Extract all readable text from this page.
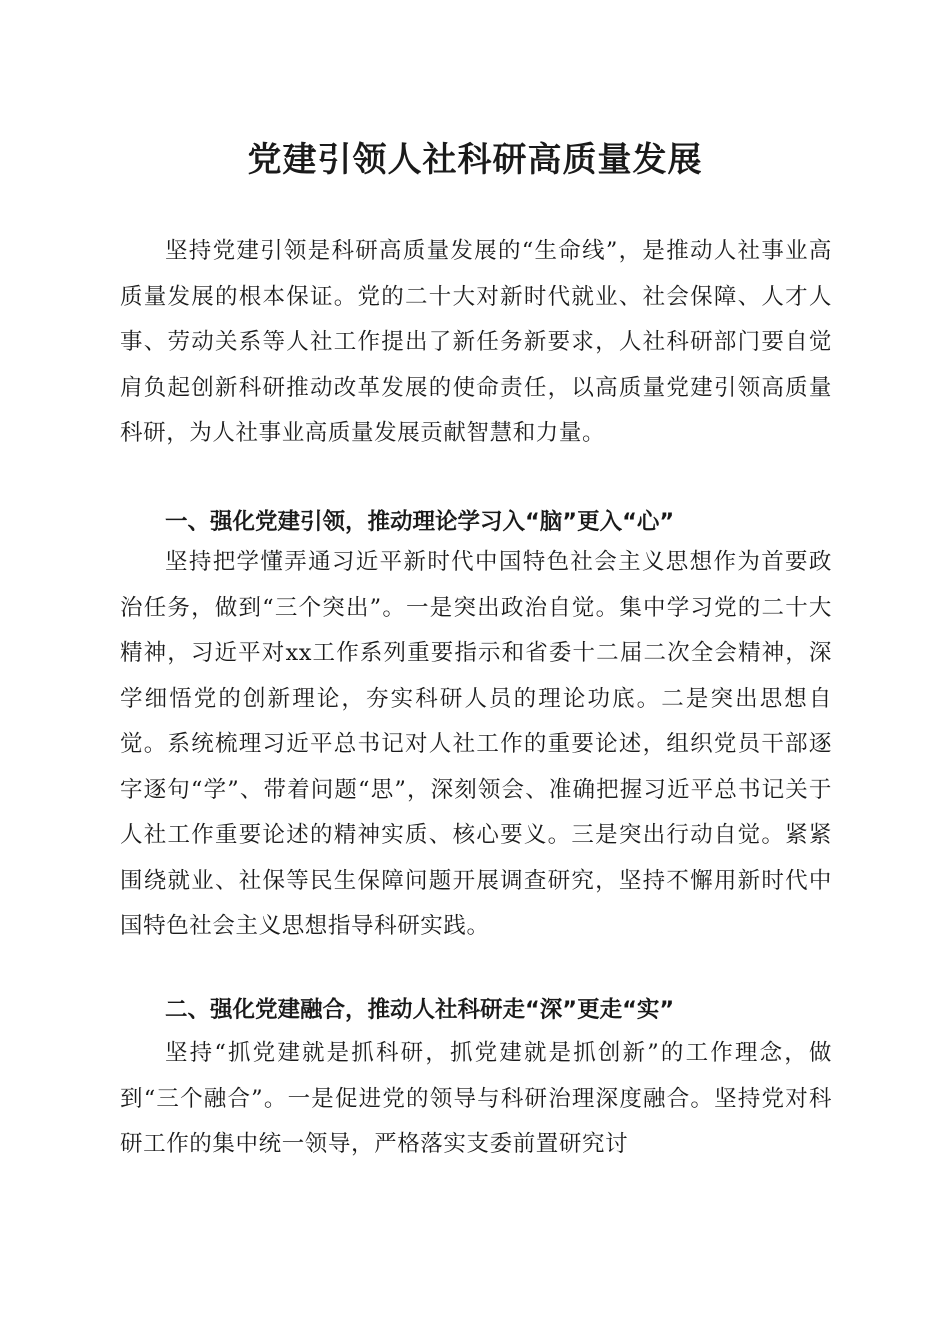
党建引领人社科研高质量发展

坚持党建引领是科研高质量发展的“生命线”，是推动人社事业高质量发展的根本保证。党的二十大对新时代就业、社会保障、人才人事、劳动关系等人社工作提出了新任务新要求，人社科研部门要自觉肩负起创新科研推动改革发展的使命责任，以高质量党建引领高质量科研，为人社事业高质量发展贡献智慧和力量。

一、强化党建引领，推动理论学习入“脑”更入“心”

坚持把学懂弄通习近平新时代中国特色社会主义思想作为首要政治任务，做到“三个突出”。一是突出政治自觉。集中学习党的二十大精神，习近平对xx工作系列重要指示和省委十二届二次全会精神，深学细悟党的创新理论，夯实科研人员的理论功底。二是突出思想自觉。系统梳理习近平总书记对人社工作的重要论述，组织党员干部逐字逐句“学”、带着问题“思”，深刻领会、准确把握习近平总书记关于人社工作重要论述的精神实质、核心要义。三是突出行动自觉。紧紧围绕就业、社保等民生保障问题开展调查研究，坚持不懈用新时代中国特色社会主义思想指导科研实践。

二、强化党建融合，推动人社科研走“深”更走“实”

坚持“抓党建就是抓科研，抓党建就是抓创新”的工作理念，做到“三个融合”。一是促进党的领导与科研治理深度融合。坚持党对科研工作的集中统一领导，严格落实支委前置研究讨
